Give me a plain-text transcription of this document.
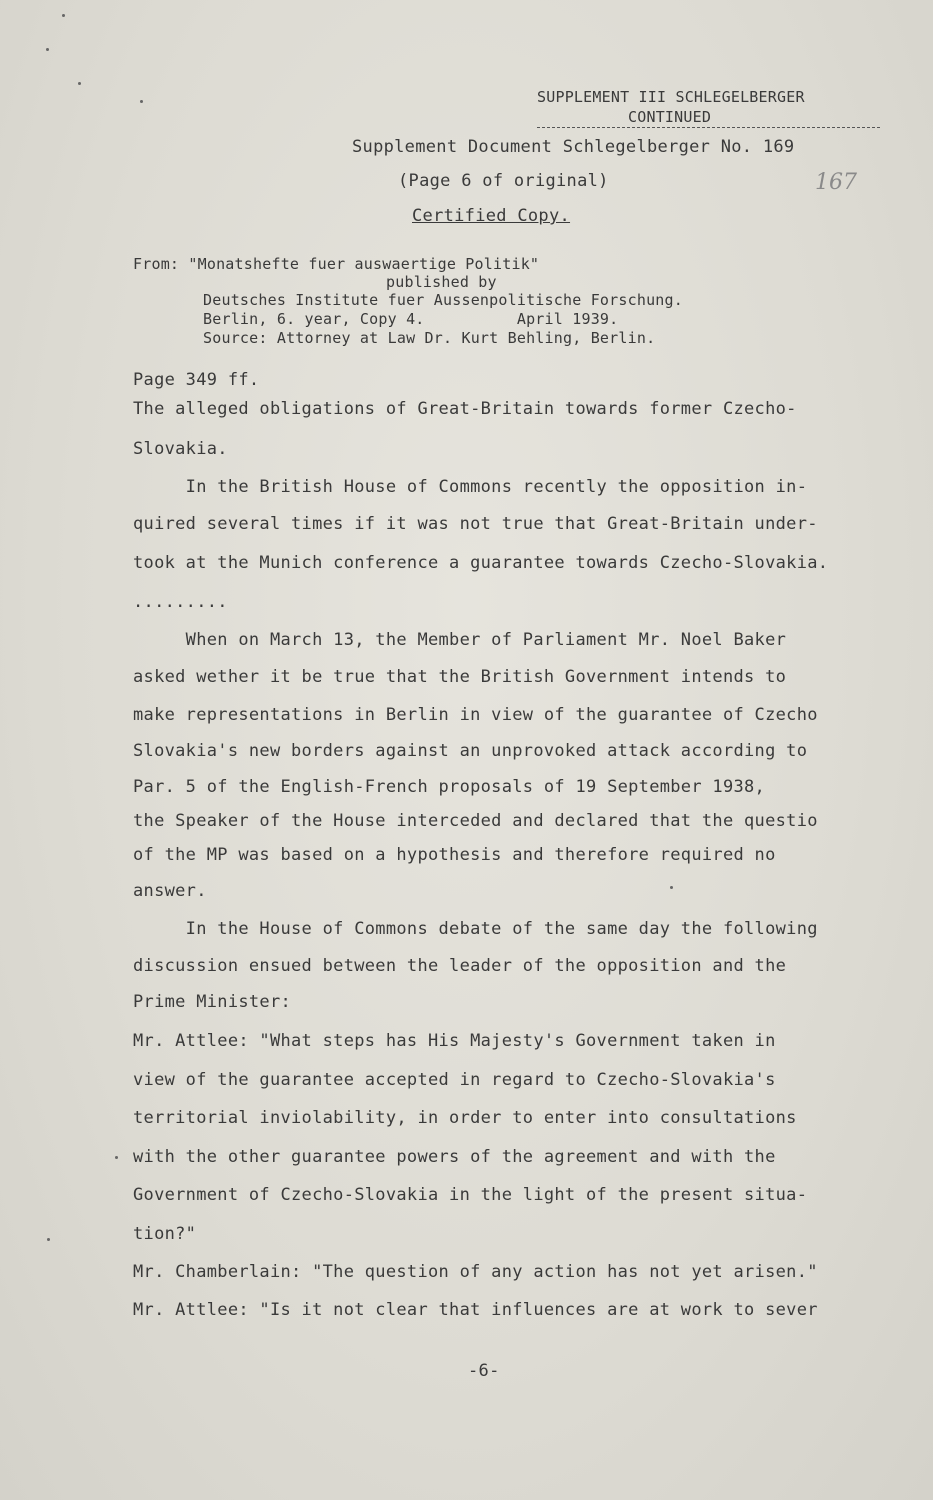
SUPPLEMENT III SCHLEGELBERGER
CONTINUED
Supplement Document Schlegelberger No. 169
(Page 6 of original)	167
Certified Copy.
From: "Monatshefte fuer auswaertige Politik"
published by
Deutsches Institute fuer Aussenpolitische Forschung.
Berlin, 6. year, Copy 4.          April 1939.
Source: Attorney at Law Dr. Kurt Behling, Berlin.
Page 349 ff.
The alleged obligations of Great-Britain towards former Czecho-
Slovakia.
In the British House of Commons recently the opposition in-
quired several times if it was not true that Great-Britain under-
took at the Munich conference a guarantee towards Czecho-Slovakia.
.........
When on March 13, the Member of Parliament Mr. Noel Baker
asked wether it be true that the British Government intends to
make representations in Berlin in view of the guarantee of Czecho
Slovakia's new borders against an unprovoked attack according to
Par. 5 of the English-French proposals of 19 September 1938,
the Speaker of the House interceded and declared that the questio
of the MP was based on a hypothesis and therefore required no
answer.
In the House of Commons debate of the same day the following
discussion ensued between the leader of the opposition and the
Prime Minister:
Mr. Attlee: "What steps has His Majesty's Government taken in
view of the guarantee accepted in regard to Czecho-Slovakia's
territorial inviolability, in order to enter into consultations
with the other guarantee powers of the agreement and with the
Government of Czecho-Slovakia in the light of the present situa-
tion?"
Mr. Chamberlain: "The question of any action has not yet arisen."
Mr. Attlee: "Is it not clear that influences are at work to sever
-6-
